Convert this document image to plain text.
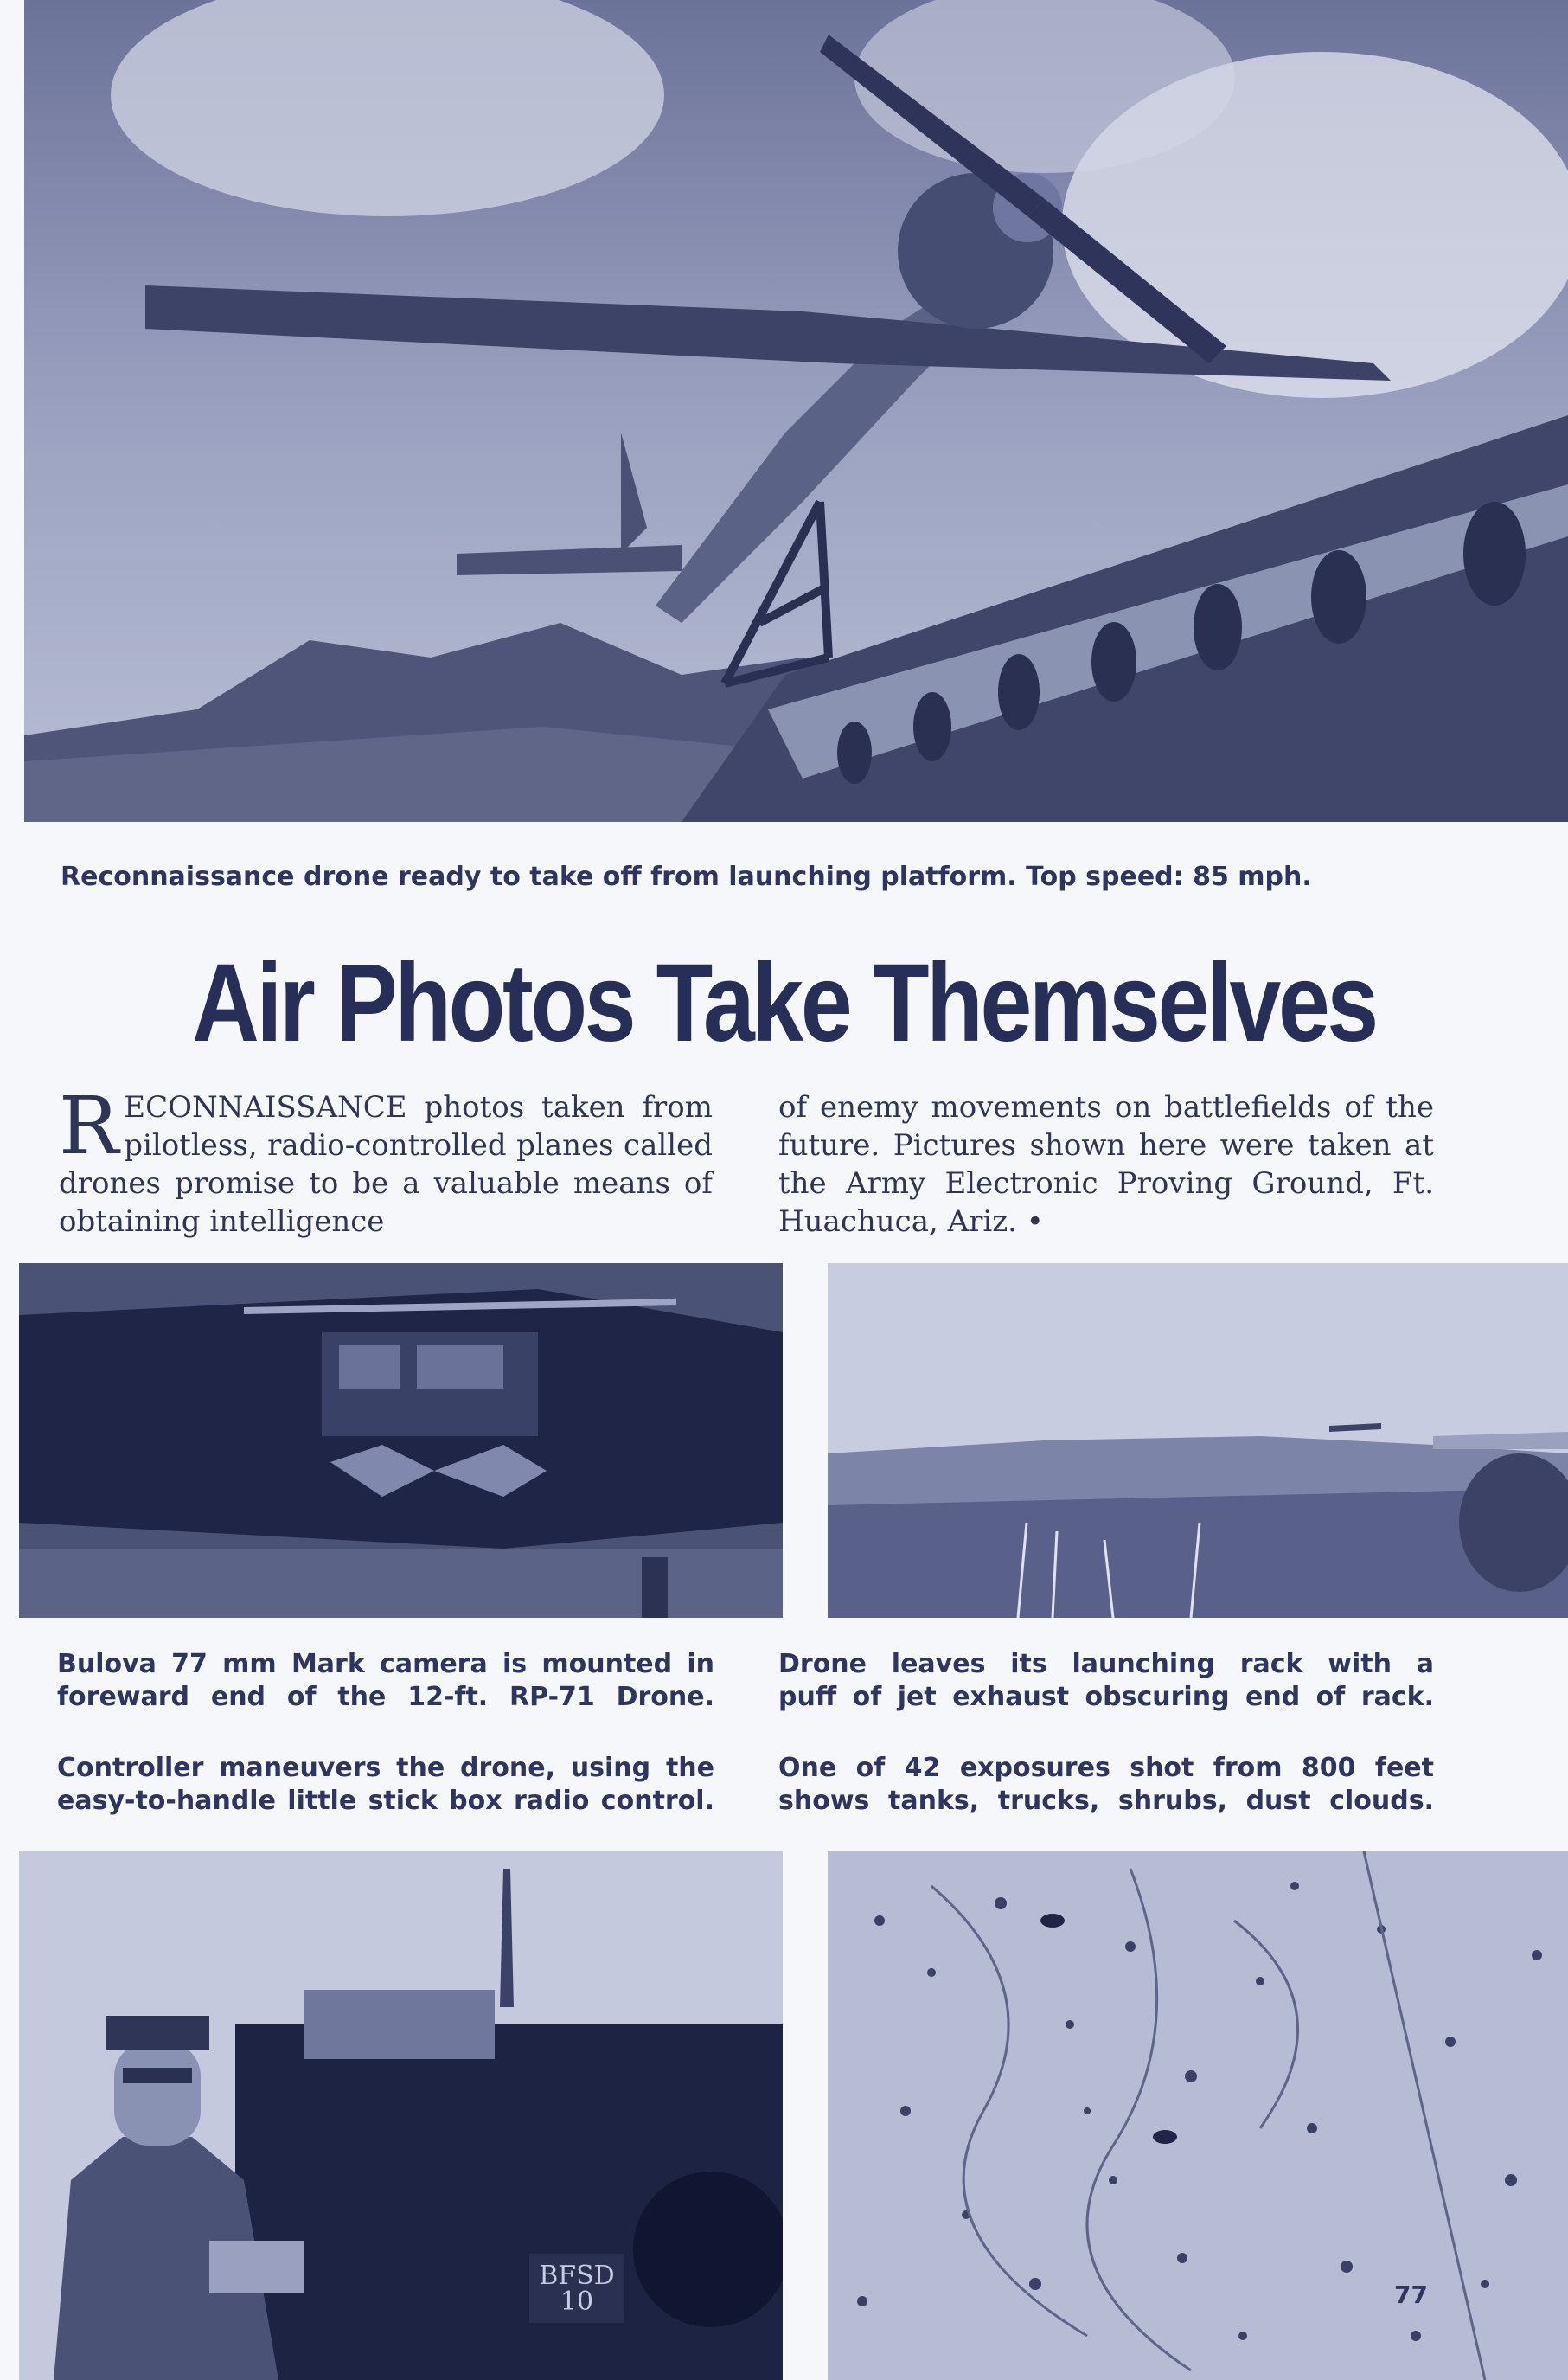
Reconnaissance drone ready to take off from launching platform. Top speed: 85 mph.
Air Photos Take Themselves
RECONNAISSANCE photos taken from pilotless, radio-controlled planes called drones promise to be a valuable means of obtaining intelligence
of enemy movements on battlefields of the future. Pictures shown here were taken at the Army Electronic Proving Ground, Ft. Huachuca, Ariz. •
Bulova 77 mm Mark camera is mounted in
foreward end of the 12-ft. RP-71 Drone.
Drone leaves its launching rack with a
puff of jet exhaust obscuring end of rack.
Controller maneuvers the drone, using the
easy-to-handle little stick box radio control.
One of 42 exposures shot from 800 feet
shows tanks, trucks, shrubs, dust clouds.
BFSD
10	77
